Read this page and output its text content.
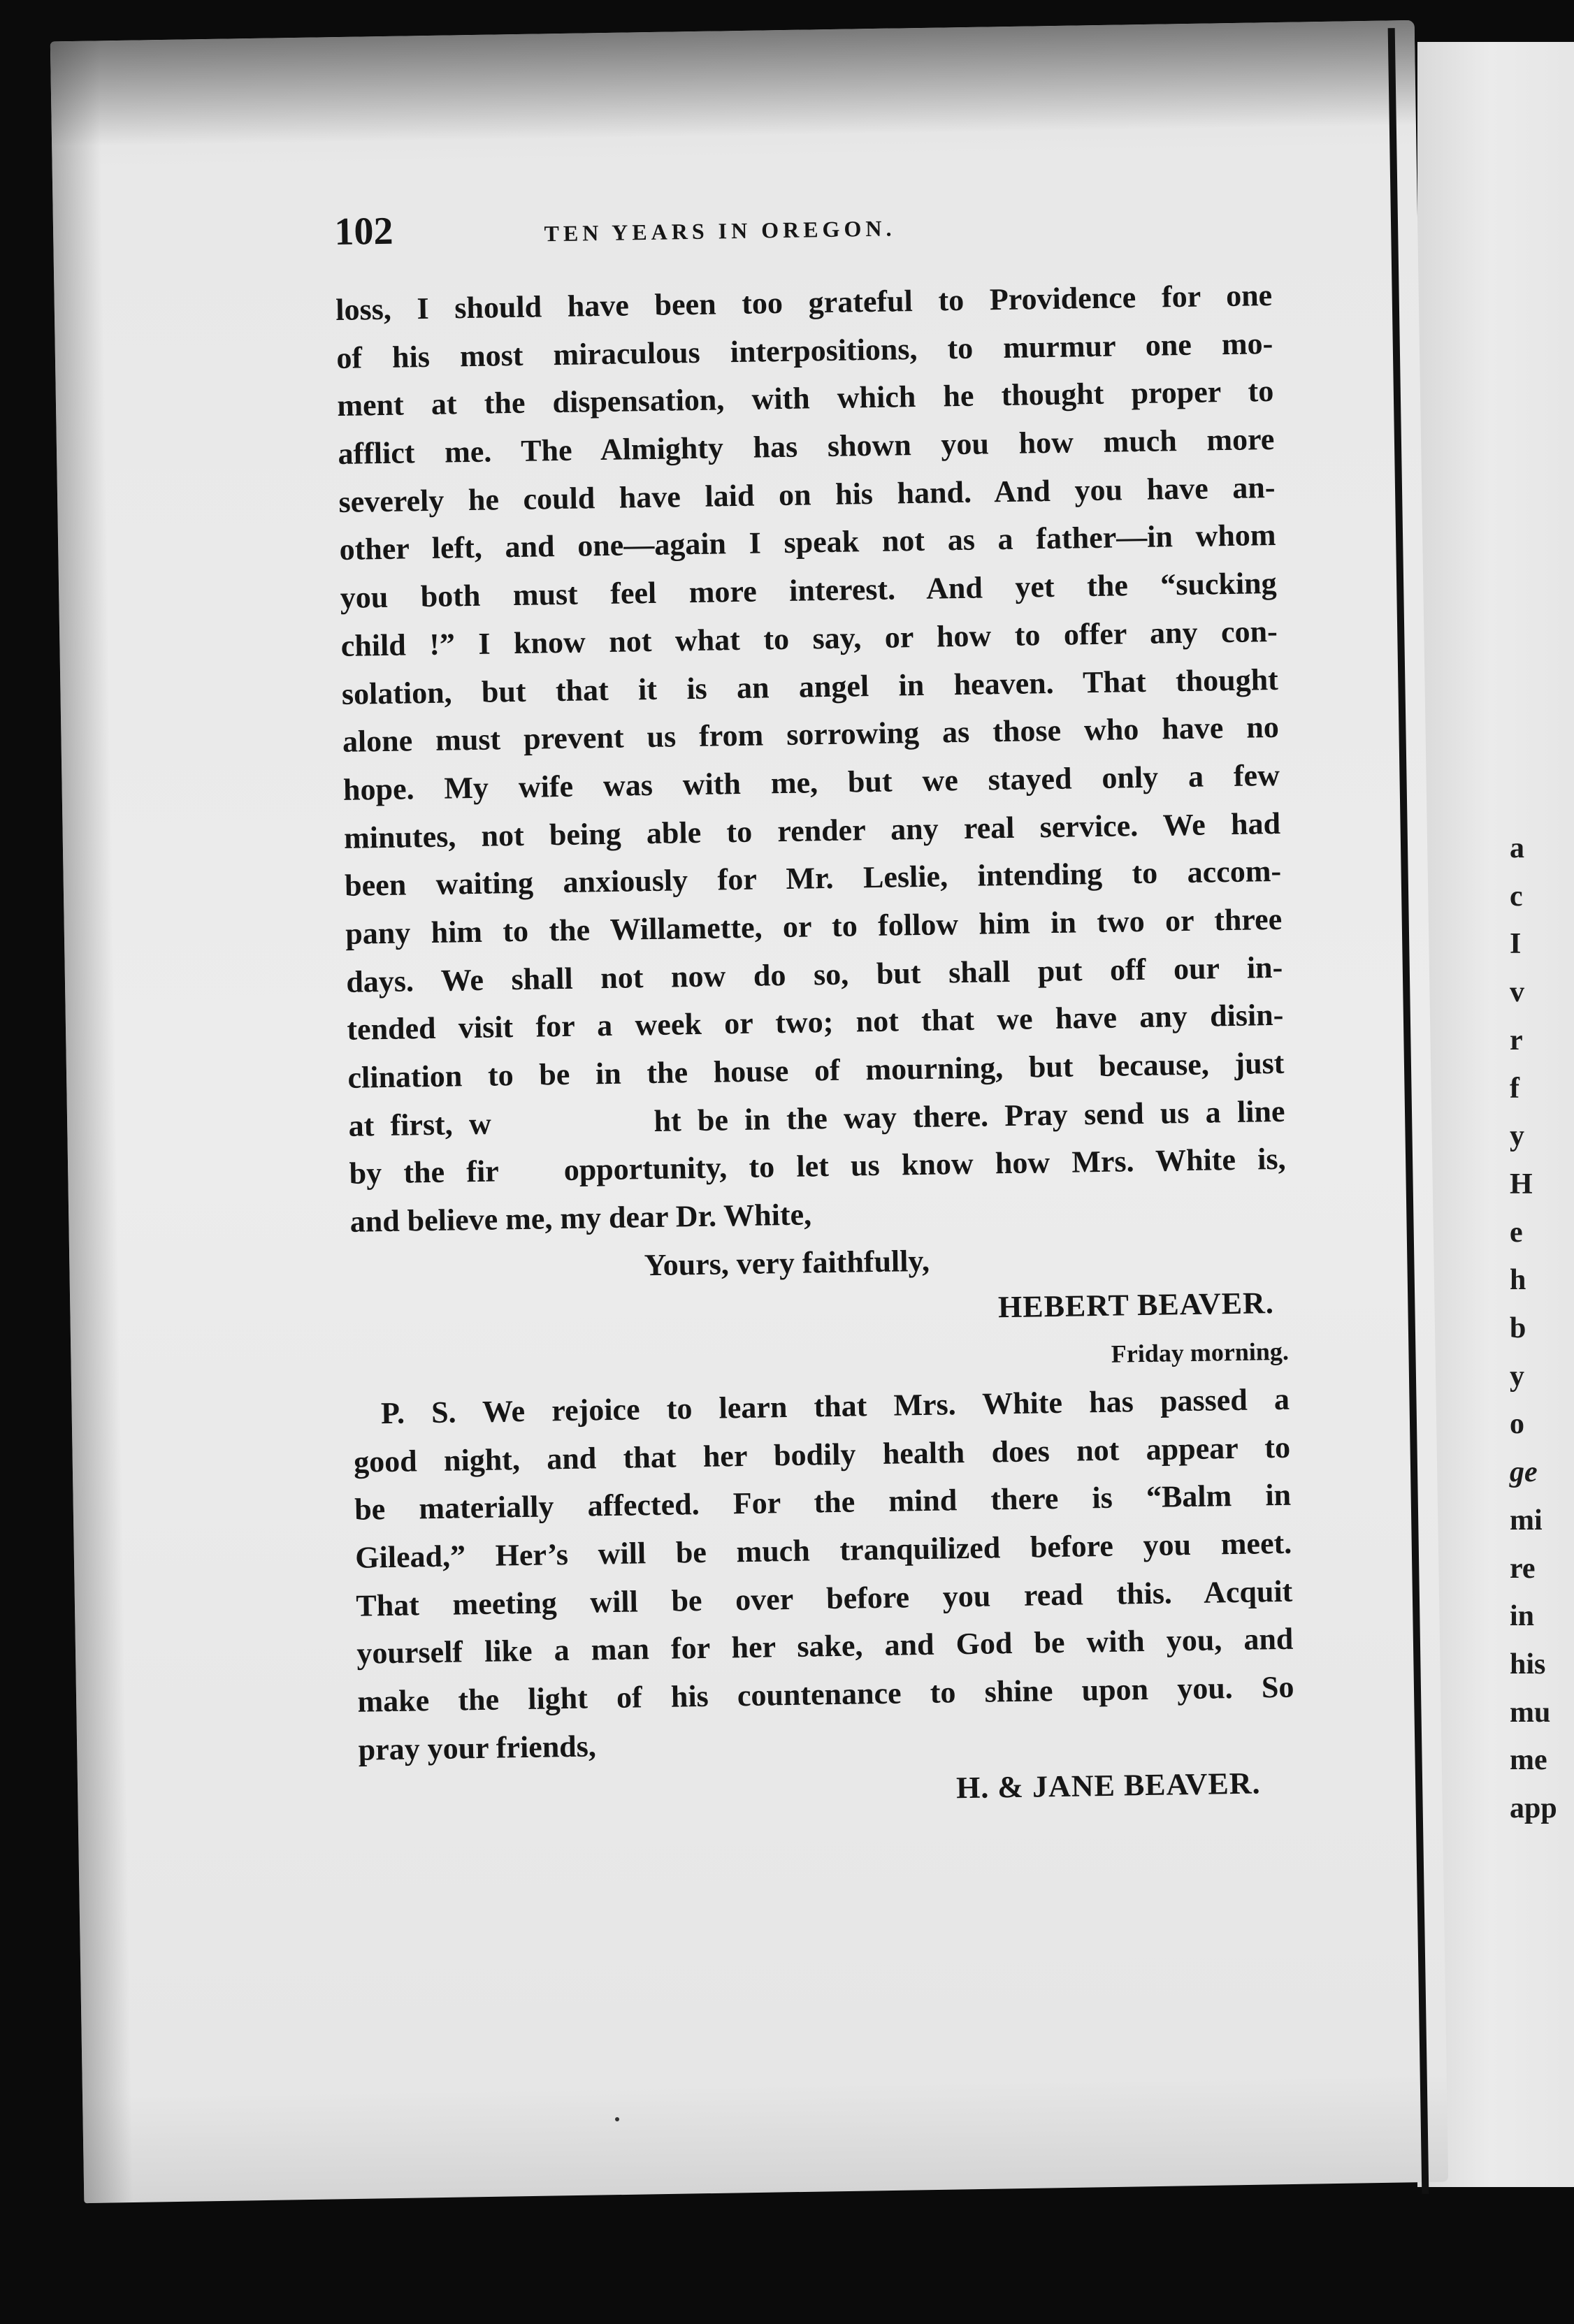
a
c
I
v
r
f
y
H
e
h
b
y
o
ge
mi
re
in
his
mu
me
app
102	TEN YEARS IN OREGON.
loss, I should have been too grateful to Providence for one
of his most miraculous interpositions, to murmur one mo-
ment at the dispensation, with which he thought proper to
afflict me. The Almighty has shown you how much more
severely he could have laid on his hand. And you have an-
other left, and one—again I speak not as a father—in whom
you both must feel more interest. And yet the “sucking
child !” I know not what to say, or how to offer any con-
solation, but that it is an angel in heaven. That thought
alone must prevent us from sorrowing as those who have no
hope. My wife was with me, but we stayed only a few
minutes, not being able to render any real service. We had
been waiting anxiously for Mr. Leslie, intending to accom-
pany him to the Willamette, or to follow him in two or three
days. We shall not now do so, but shall put off our in-
tended visit for a week or two; not that we have any disin-
clination to be in the house of mourning, but because, just
at first, w          ht be in the way there. Pray send us a line
by the fir   opportunity, to let us know how Mrs. White is,
and believe me, my dear Dr. White,
Yours, very faithfully,
HEBERT BEAVER.
Friday morning.
P. S. We rejoice to learn that Mrs. White has passed a
good night, and that her bodily health does not appear to
be materially affected. For the mind there is “Balm in
Gilead,” Her’s will be much tranquilized before you meet.
That meeting will be over before you read this. Acquit
yourself like a man for her sake, and God be with you, and
make the light of his countenance to shine upon you. So
pray your friends,
H. & JANE BEAVER.
